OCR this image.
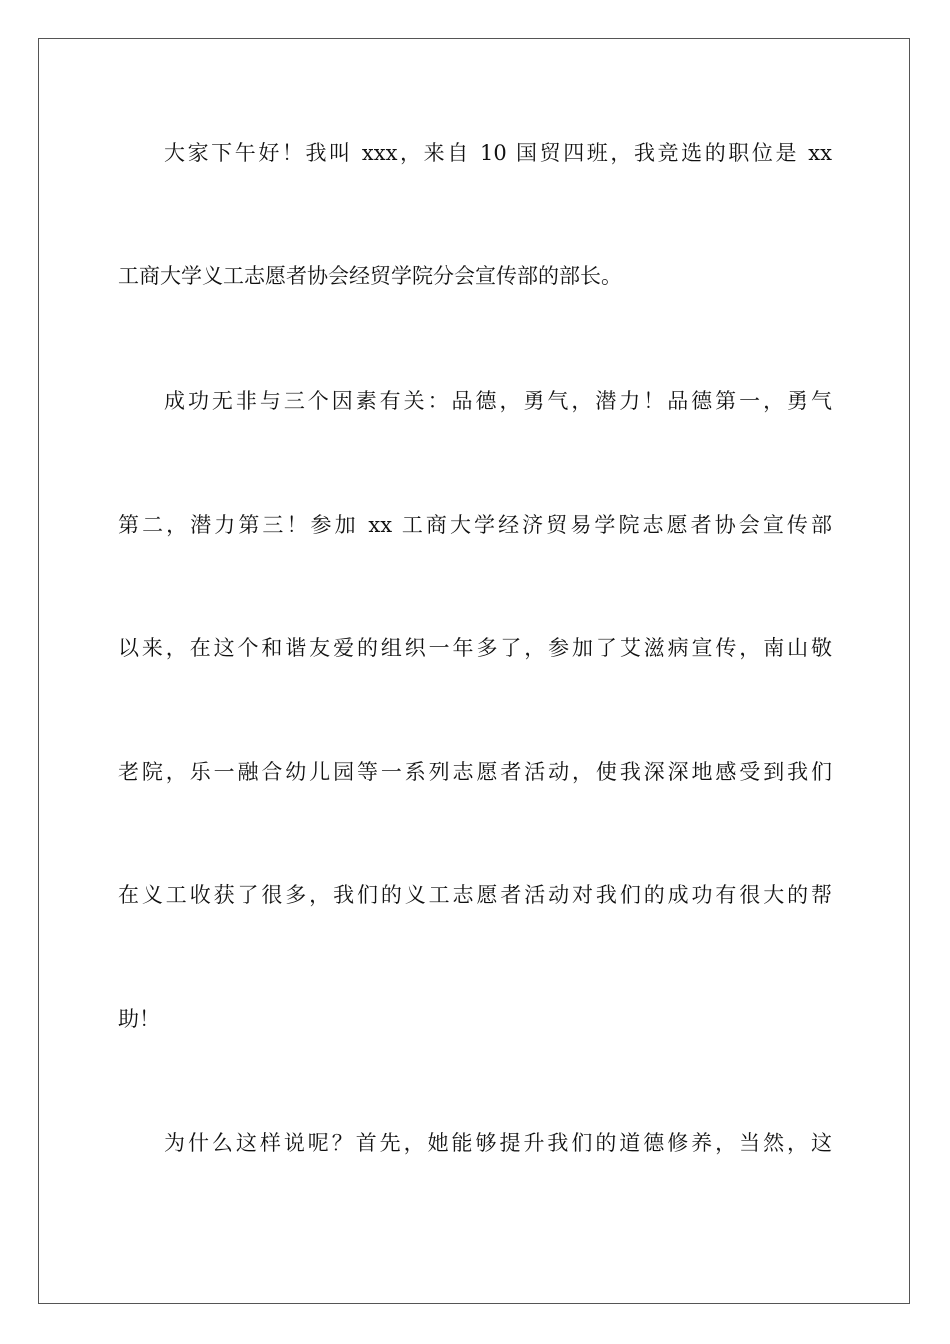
大家下午好！我叫 xxx，来自 10 国贸四班，我竞选的职位是 xx
工商大学义工志愿者协会经贸学院分会宣传部的部长。
成功无非与三个因素有关：品德，勇气，潜力！品德第一，勇气
第二，潜力第三！参加 xx 工商大学经济贸易学院志愿者协会宣传部
以来，在这个和谐友爱的组织一年多了，参加了艾滋病宣传，南山敬
老院，乐一融合幼儿园等一系列志愿者活动，使我深深地感受到我们
在义工收获了很多，我们的义工志愿者活动对我们的成功有很大的帮
助！
为什么这样说呢？首先，她能够提升我们的道德修养，当然，这
